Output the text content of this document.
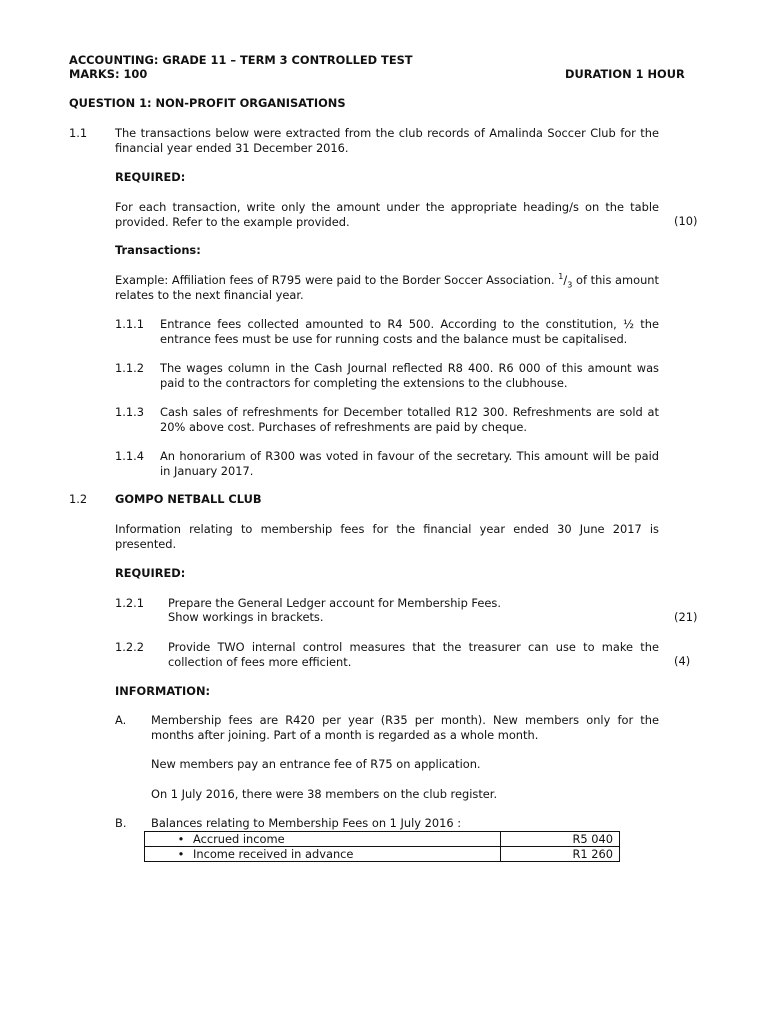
ACCOUNTING: GRADE 11 – TERM 3 CONTROLLED TEST
MARKS: 100	DURATION 1 HOUR
QUESTION 1: NON-PROFIT ORGANISATIONS
1.1 The transactions below were extracted from the club records of Amalinda Soccer Club for the financial year ended 31 December 2016.
REQUIRED:
For each transaction, write only the amount under the appropriate heading/s on the table provided. Refer to the example provided.	(10)
Transactions:
Example: Affiliation fees of R795 were paid to the Border Soccer Association. $^1/_3$ of this amount relates to the next financial year.
1.1.1 Entrance fees collected amounted to R4 500. According to the constitution, ½ the entrance fees must be use for running costs and the balance must be capitalised.
1.1.2 The wages column in the Cash Journal reflected R8 400. R6 000 of this amount was paid to the contractors for completing the extensions to the clubhouse.
1.1.3 Cash sales of refreshments for December totalled R12 300. Refreshments are sold at 20% above cost. Purchases of refreshments are paid by cheque.
1.1.4 An honorarium of R300 was voted in favour of the secretary. This amount will be paid in January 2017.
1.2 GOMPO NETBALL CLUB
Information relating to membership fees for the financial year ended 30 June 2017 is presented.
REQUIRED:
1.2.1 Prepare the General Ledger account for Membership Fees.
Show workings in brackets.	(21)
1.2.2 Provide TWO internal control measures that the treasurer can use to make the collection of fees more efficient.	(4)
INFORMATION:
A. Membership fees are R420 per year (R35 per month). New members only for the months after joining. Part of a month is regarded as a whole month.
New members pay an entrance fee of R75 on application.
On 1 July 2016, there were 38 members on the club register.
B. Balances relating to Membership Fees on 1 July 2016 :
• Accrued income	R5 040
• Income received in advance	R1 260
